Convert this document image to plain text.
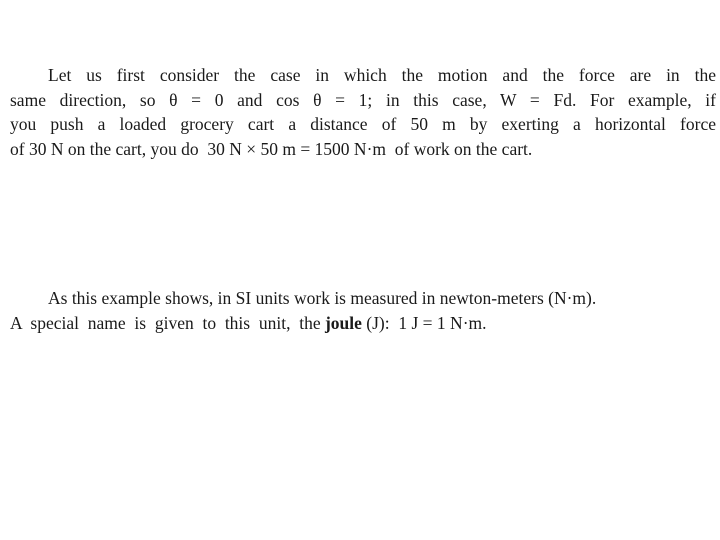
Let us first consider the case in which the motion and the force are in the
same direction, so θ = 0 and cos θ = 1; in this case, W = Fd. For example, if
you push a loaded grocery cart a distance of 50 m by exerting a horizontal force
of 30 N on the cart, you do  30 N × 50 m = 1500 N·m  of work on the cart.
As this example shows, in SI units work is measured in newton-meters (N·m).
A  special  name  is  given  to  this  unit,  the joule (J):  1 J = 1 N·m.
